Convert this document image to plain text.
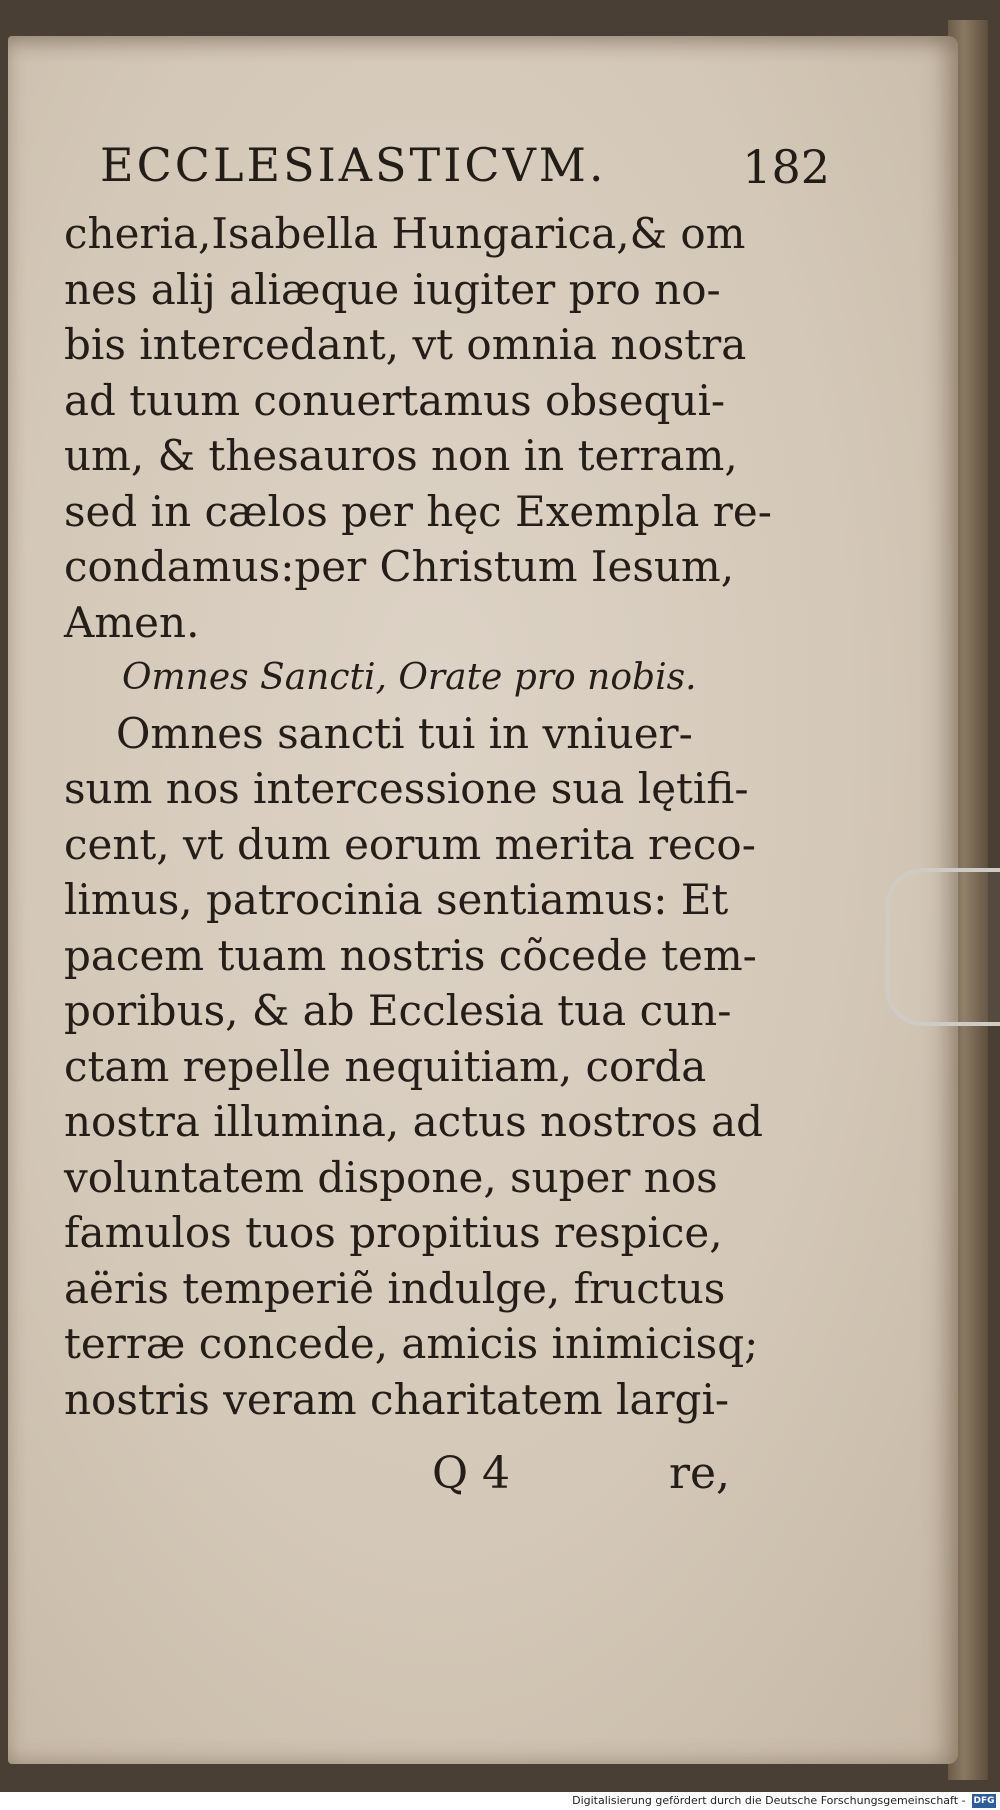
ECCLESIASTICVM.	182
cheria,Isabella Hungarica,& om
nes alij aliæque iugiter pro no-
bis intercedant, vt omnia nostra
ad tuum conuertamus obsequi-
um, & thesauros non in terram,
sed in cælos per hęc Exempla re-
condamus:per Christum Iesum,
Amen.
Omnes Sancti, Orate pro nobis.
Omnes sancti tui in vniuer-
sum nos intercessione sua lętifi-
cent, vt dum eorum merita reco-
limus, patrocinia sentiamus: Et
pacem tuam nostris cõcede tem-
poribus, & ab Ecclesia tua cun-
ctam repelle nequitiam, corda
nostra illumina, actus nostros ad
voluntatem dispone, super nos
famulos tuos propitius respice,
aëris temperiẽ indulge, fructus
terræ concede, amicis inimicisq;
nostris veram charitatem largi-
Q 4	re,
Digitalisierung gefördert durch die Deutsche Forschungsgemeinschaft - DFG
